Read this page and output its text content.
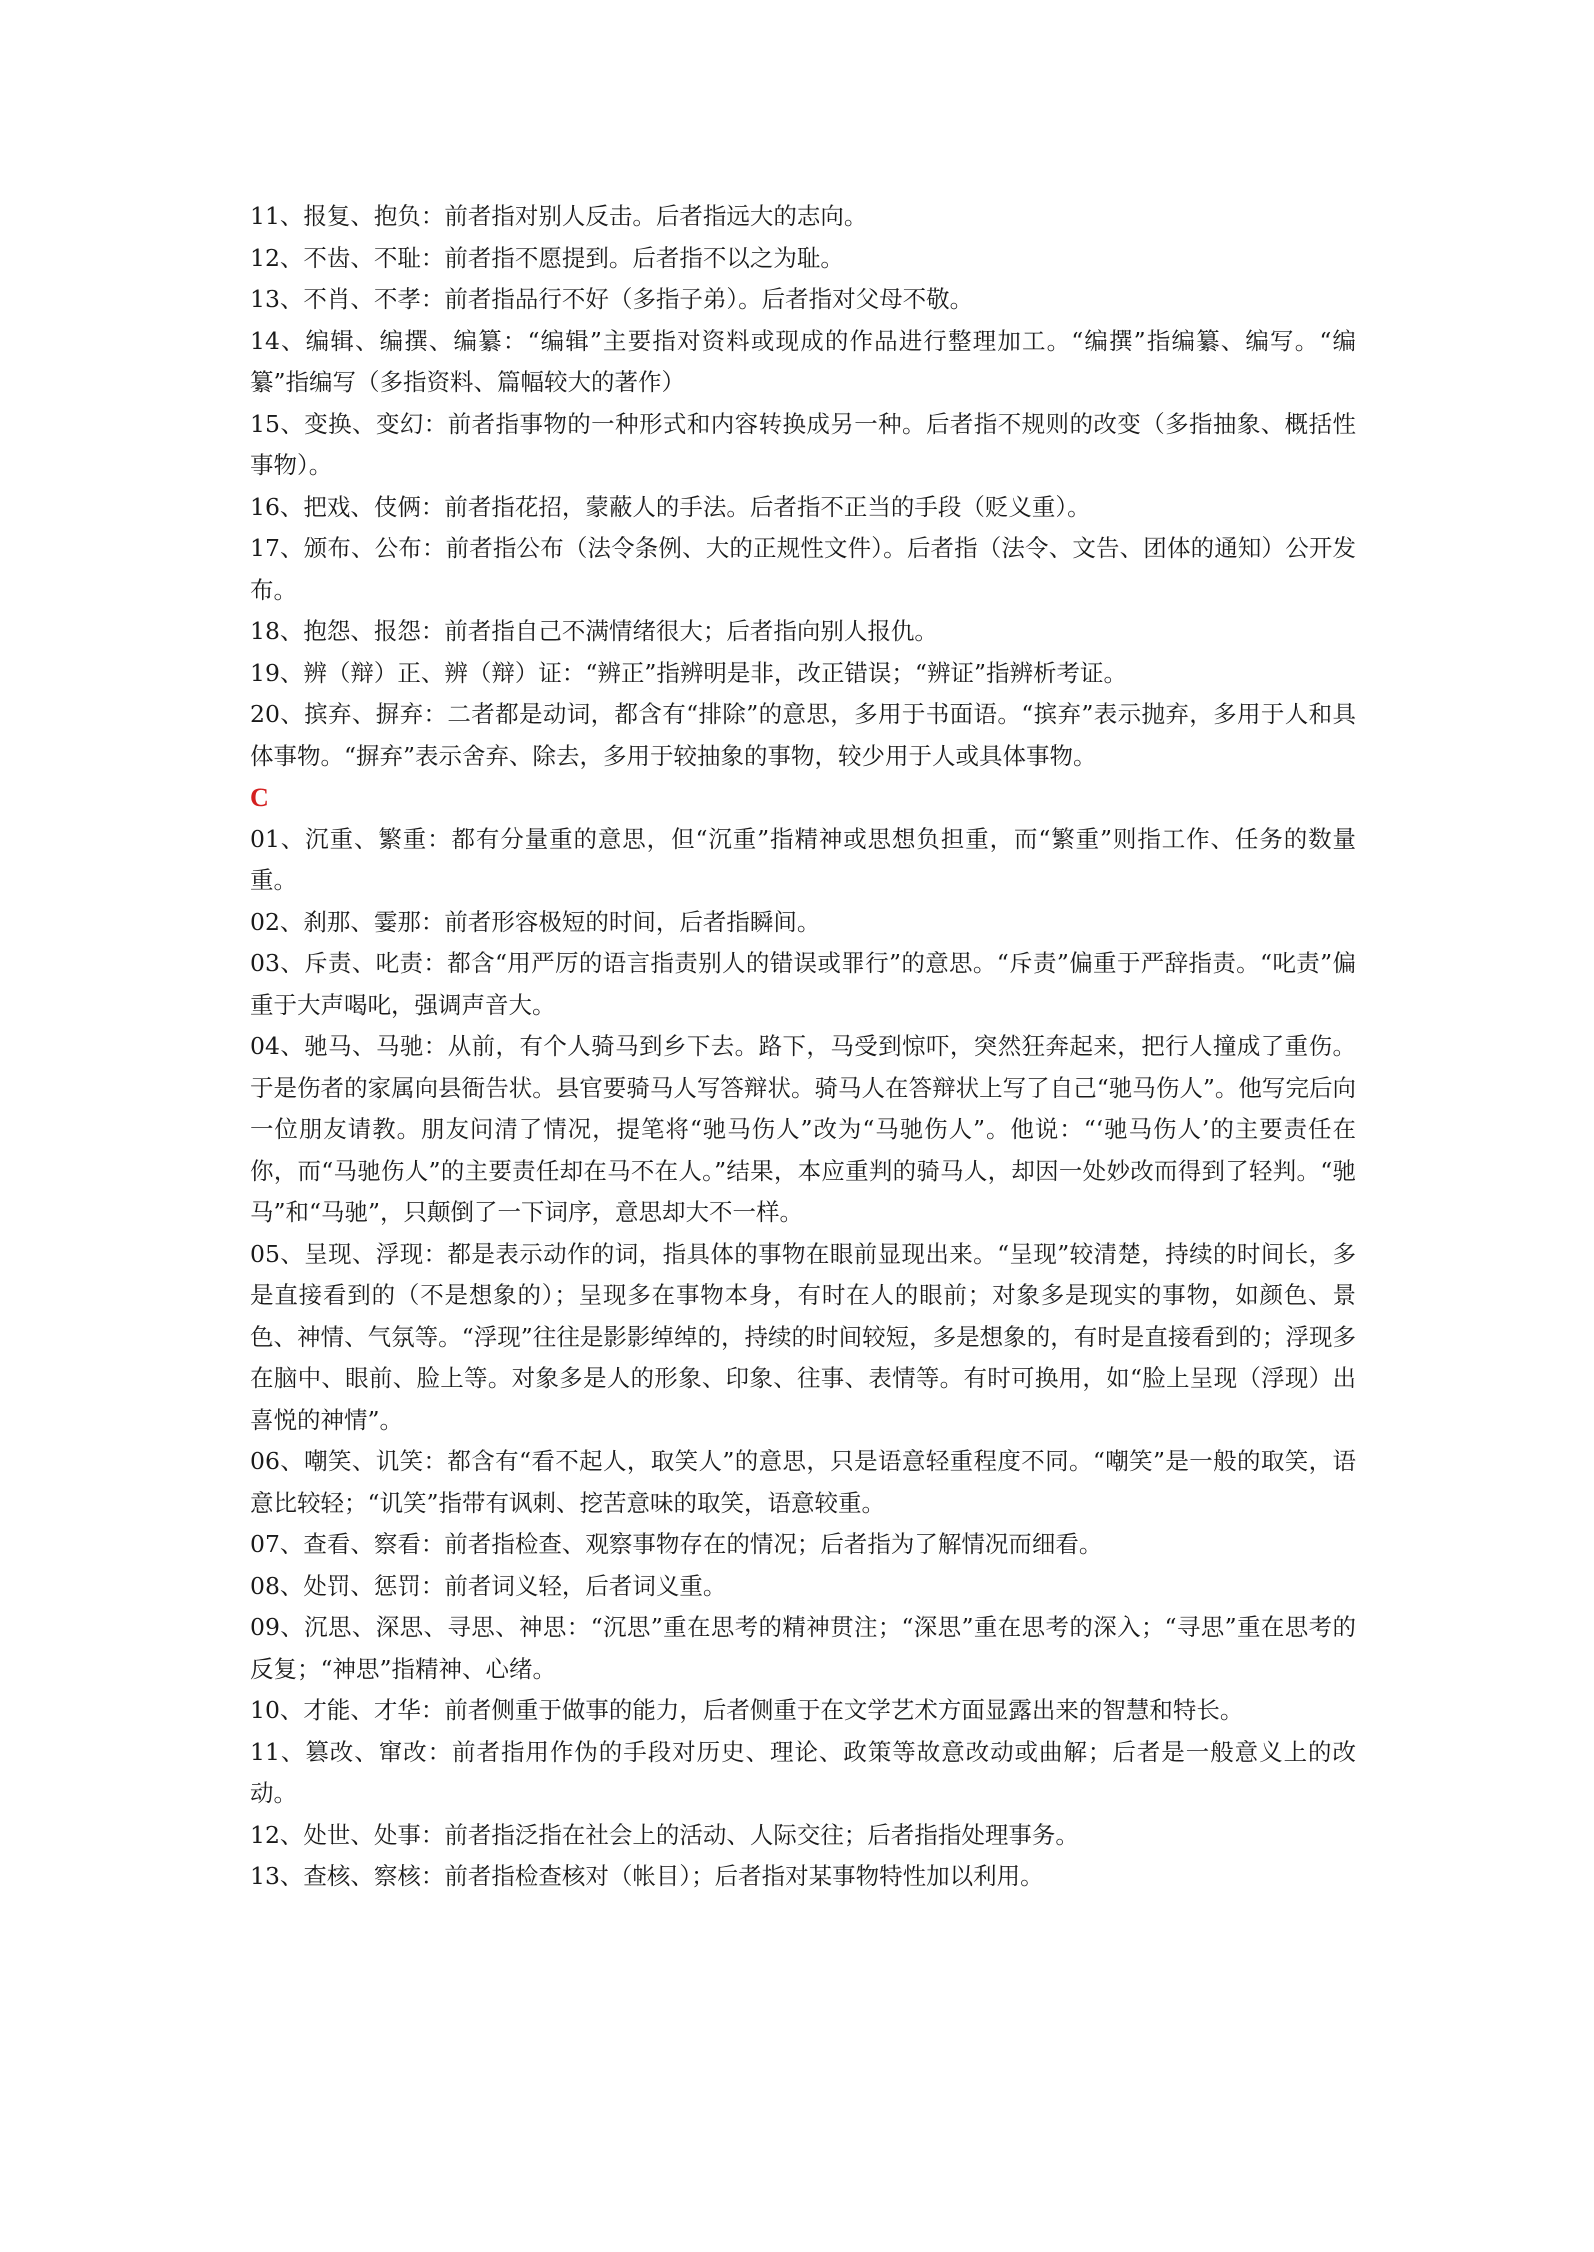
11、报复、抱负：前者指对别人反击。后者指远大的志向。

12、不齿、不耻：前者指不愿提到。后者指不以之为耻。

13、不肖、不孝：前者指品行不好（多指子弟）。后者指对父母不敬。

14、编辑、编撰、编纂：“编辑”主要指对资料或现成的作品进行整理加工。“编撰”指编纂、编写。“编纂”指编写（多指资料、篇幅较大的著作）

15、变换、变幻：前者指事物的一种形式和内容转换成另一种。后者指不规则的改变（多指抽象、概括性事物）。

16、把戏、伎俩：前者指花招，蒙蔽人的手法。后者指不正当的手段（贬义重）。

17、颁布、公布：前者指公布（法令条例、大的正规性文件）。后者指（法令、文告、团体的通知）公开发布。

18、抱怨、报怨：前者指自己不满情绪很大；后者指向别人报仇。

19、辨（辩）正、辨（辩）证：“辨正”指辨明是非，改正错误；“辨证”指辨析考证。

20、摈弃、摒弃：二者都是动词，都含有“排除”的意思，多用于书面语。“摈弃”表示抛弃，多用于人和具体事物。“摒弃”表示舍弃、除去，多用于较抽象的事物，较少用于人或具体事物。

C

01、沉重、繁重：都有分量重的意思，但“沉重”指精神或思想负担重，而“繁重”则指工作、任务的数量重。

02、刹那、霎那：前者形容极短的时间，后者指瞬间。

03、斥责、叱责：都含“用严厉的语言指责别人的错误或罪行”的意思。“斥责”偏重于严辞指责。“叱责”偏重于大声喝叱，强调声音大。

04、驰马、马驰：从前，有个人骑马到乡下去。路下，马受到惊吓，突然狂奔起来，把行人撞成了重伤。于是伤者的家属向县衙告状。县官要骑马人写答辩状。骑马人在答辩状上写了自己“驰马伤人”。他写完后向一位朋友请教。朋友问清了情况，提笔将“驰马伤人”改为“马驰伤人”。他说：“‘驰马伤人’的主要责任在你，而“马驰伤人”的主要责任却在马不在人。”结果，本应重判的骑马人，却因一处妙改而得到了轻判。“驰马”和“马驰”，只颠倒了一下词序，意思却大不一样。

05、呈现、浮现：都是表示动作的词，指具体的事物在眼前显现出来。“呈现”较清楚，持续的时间长，多是直接看到的（不是想象的）；呈现多在事物本身，有时在人的眼前；对象多是现实的事物，如颜色、景色、神情、气氛等。“浮现”往往是影影绰绰的，持续的时间较短，多是想象的，有时是直接看到的；浮现多在脑中、眼前、脸上等。对象多是人的形象、印象、往事、表情等。有时可换用，如“脸上呈现（浮现）出喜悦的神情”。

06、嘲笑、讥笑：都含有“看不起人，取笑人”的意思，只是语意轻重程度不同。“嘲笑”是一般的取笑，语意比较轻；“讥笑”指带有讽刺、挖苦意味的取笑，语意较重。

07、查看、察看：前者指检查、观察事物存在的情况；后者指为了解情况而细看。

08、处罚、惩罚：前者词义轻，后者词义重。

09、沉思、深思、寻思、神思：“沉思”重在思考的精神贯注；“深思”重在思考的深入；“寻思”重在思考的反复；“神思”指精神、心绪。

10、才能、才华：前者侧重于做事的能力，后者侧重于在文学艺术方面显露出来的智慧和特长。

11、篡改、窜改：前者指用作伪的手段对历史、理论、政策等故意改动或曲解；后者是一般意义上的改动。

12、处世、处事：前者指泛指在社会上的活动、人际交往；后者指指处理事务。

13、查核、察核：前者指检查核对（帐目）；后者指对某事物特性加以利用。
